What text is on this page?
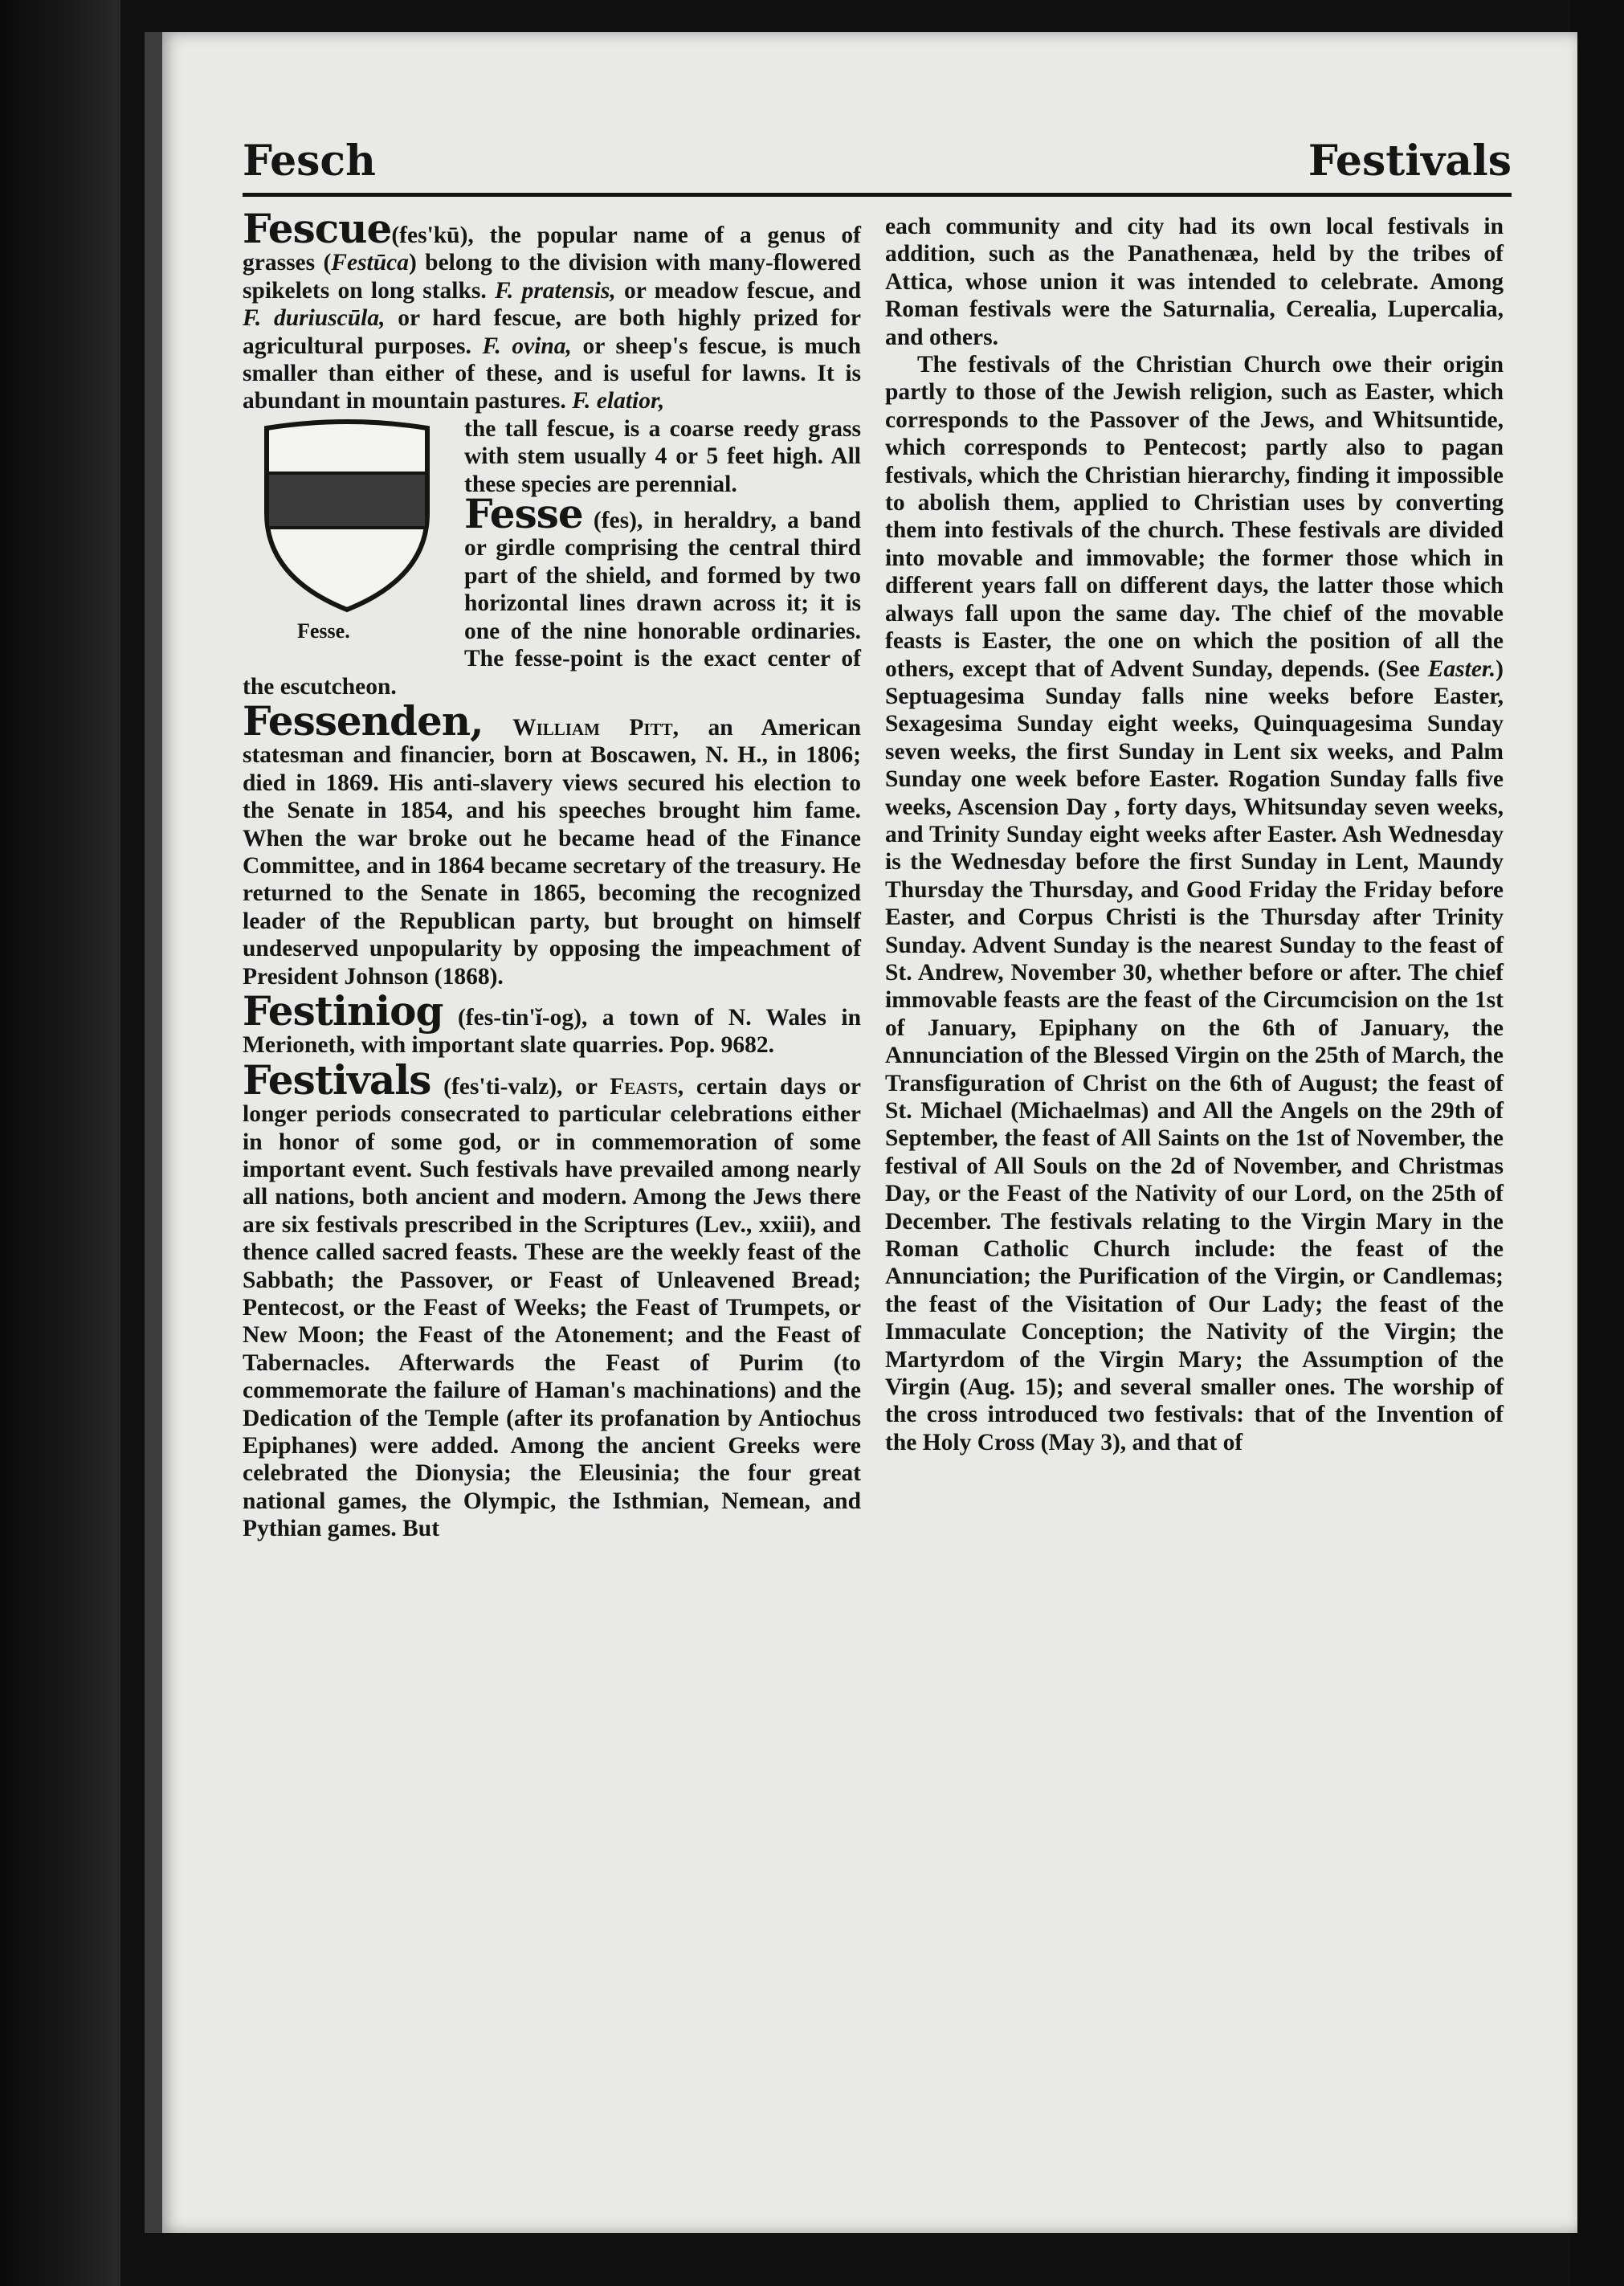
Fesch	Festivals

Fescue(fes'kū), the popular name of a genus of grasses (Festūca) belong to the division with many-flowered spikelets on long stalks. F. pratensis, or meadow fescue, and F. duriuscūla, or hard fescue, are both highly prized for agricultural purposes. F. ovina, or sheep's fescue, is much smaller than either of these, and is useful for lawns. It is abundant in mountain pastures. F. elatior,

Fesse.

the tall fescue, is a coarse reedy grass with stem usually 4 or 5 feet high. All these species are perennial.

Fesse (fes), in heraldry, a band or girdle comprising the central third part of the shield, and formed by two horizontal lines drawn across it; it is one of the nine honorable ordinaries. The fesse-point is the exact center of the escutcheon.

Fessenden, William Pitt, an American statesman and financier, born at Boscawen, N. H., in 1806; died in 1869. His anti-slavery views secured his election to the Senate in 1854, and his speeches brought him fame. When the war broke out he became head of the Finance Committee, and in 1864 became secretary of the treasury. He returned to the Senate in 1865, becoming the recognized leader of the Republican party, but brought on himself undeserved unpopularity by opposing the impeachment of President Johnson (1868).

Festiniog (fes-tin'ĭ-og), a town of N. Wales in Merioneth, with important slate quarries. Pop. 9682.

Festivals (fes'ti-valz), or Feasts, certain days or longer periods consecrated to particular celebrations either in honor of some god, or in commemoration of some important event. Such festivals have prevailed among nearly all nations, both ancient and modern. Among the Jews there are six festivals prescribed in the Scriptures (Lev., xxiii), and thence called sacred feasts. These are the weekly feast of the Sabbath; the Passover, or Feast of Unleavened Bread; Pentecost, or the Feast of Weeks; the Feast of Trumpets, or New Moon; the Feast of the Atonement; and the Feast of Tabernacles. Afterwards the Feast of Purim (to commemorate the failure of Haman's machinations) and the Dedication of the Temple (after its profanation by Antiochus Epiphanes) were added. Among the ancient Greeks were celebrated the Dionysia; the Eleusinia; the four great national games, the Olympic, the Isthmian, Nemean, and Pythian games. But

each community and city had its own local festivals in addition, such as the Panathenæa, held by the tribes of Attica, whose union it was intended to celebrate. Among Roman festivals were the Saturnalia, Cerealia, Lupercalia, and others.

The festivals of the Christian Church owe their origin partly to those of the Jewish religion, such as Easter, which corresponds to the Passover of the Jews, and Whitsuntide, which corresponds to Pentecost; partly also to pagan festivals, which the Christian hierarchy, finding it impossible to abolish them, applied to Christian uses by converting them into festivals of the church. These festivals are divided into movable and immovable; the former those which in different years fall on different days, the latter those which always fall upon the same day. The chief of the movable feasts is Easter, the one on which the position of all the others, except that of Advent Sunday, depends. (See Easter.) Septuagesima Sunday falls nine weeks before Easter, Sexagesima Sunday eight weeks, Quinquagesima Sunday seven weeks, the first Sunday in Lent six weeks, and Palm Sunday one week before Easter. Rogation Sunday falls five weeks, Ascension Day , forty days, Whitsunday seven weeks, and Trinity Sunday eight weeks after Easter. Ash Wednesday is the Wednesday before the first Sunday in Lent, Maundy Thursday the Thursday, and Good Friday the Friday before Easter, and Corpus Christi is the Thursday after Trinity Sunday. Advent Sunday is the nearest Sunday to the feast of St. Andrew, November 30, whether before or after. The chief immovable feasts are the feast of the Circumcision on the 1st of January, Epiphany on the 6th of January, the Annunciation of the Blessed Virgin on the 25th of March, the Transfiguration of Christ on the 6th of August; the feast of St. Michael (Michaelmas) and All the Angels on the 29th of September, the feast of All Saints on the 1st of November, the festival of All Souls on the 2d of November, and Christmas Day, or the Feast of the Nativity of our Lord, on the 25th of December. The festivals relating to the Virgin Mary in the Roman Catholic Church include: the feast of the Annunciation; the Purification of the Virgin, or Candlemas; the feast of the Visitation of Our Lady; the feast of the Immaculate Conception; the Nativity of the Virgin; the Martyrdom of the Virgin Mary; the Assumption of the Virgin (Aug. 15); and several smaller ones. The worship of the cross introduced two festivals: that of the Invention of the Holy Cross (May 3), and that of
